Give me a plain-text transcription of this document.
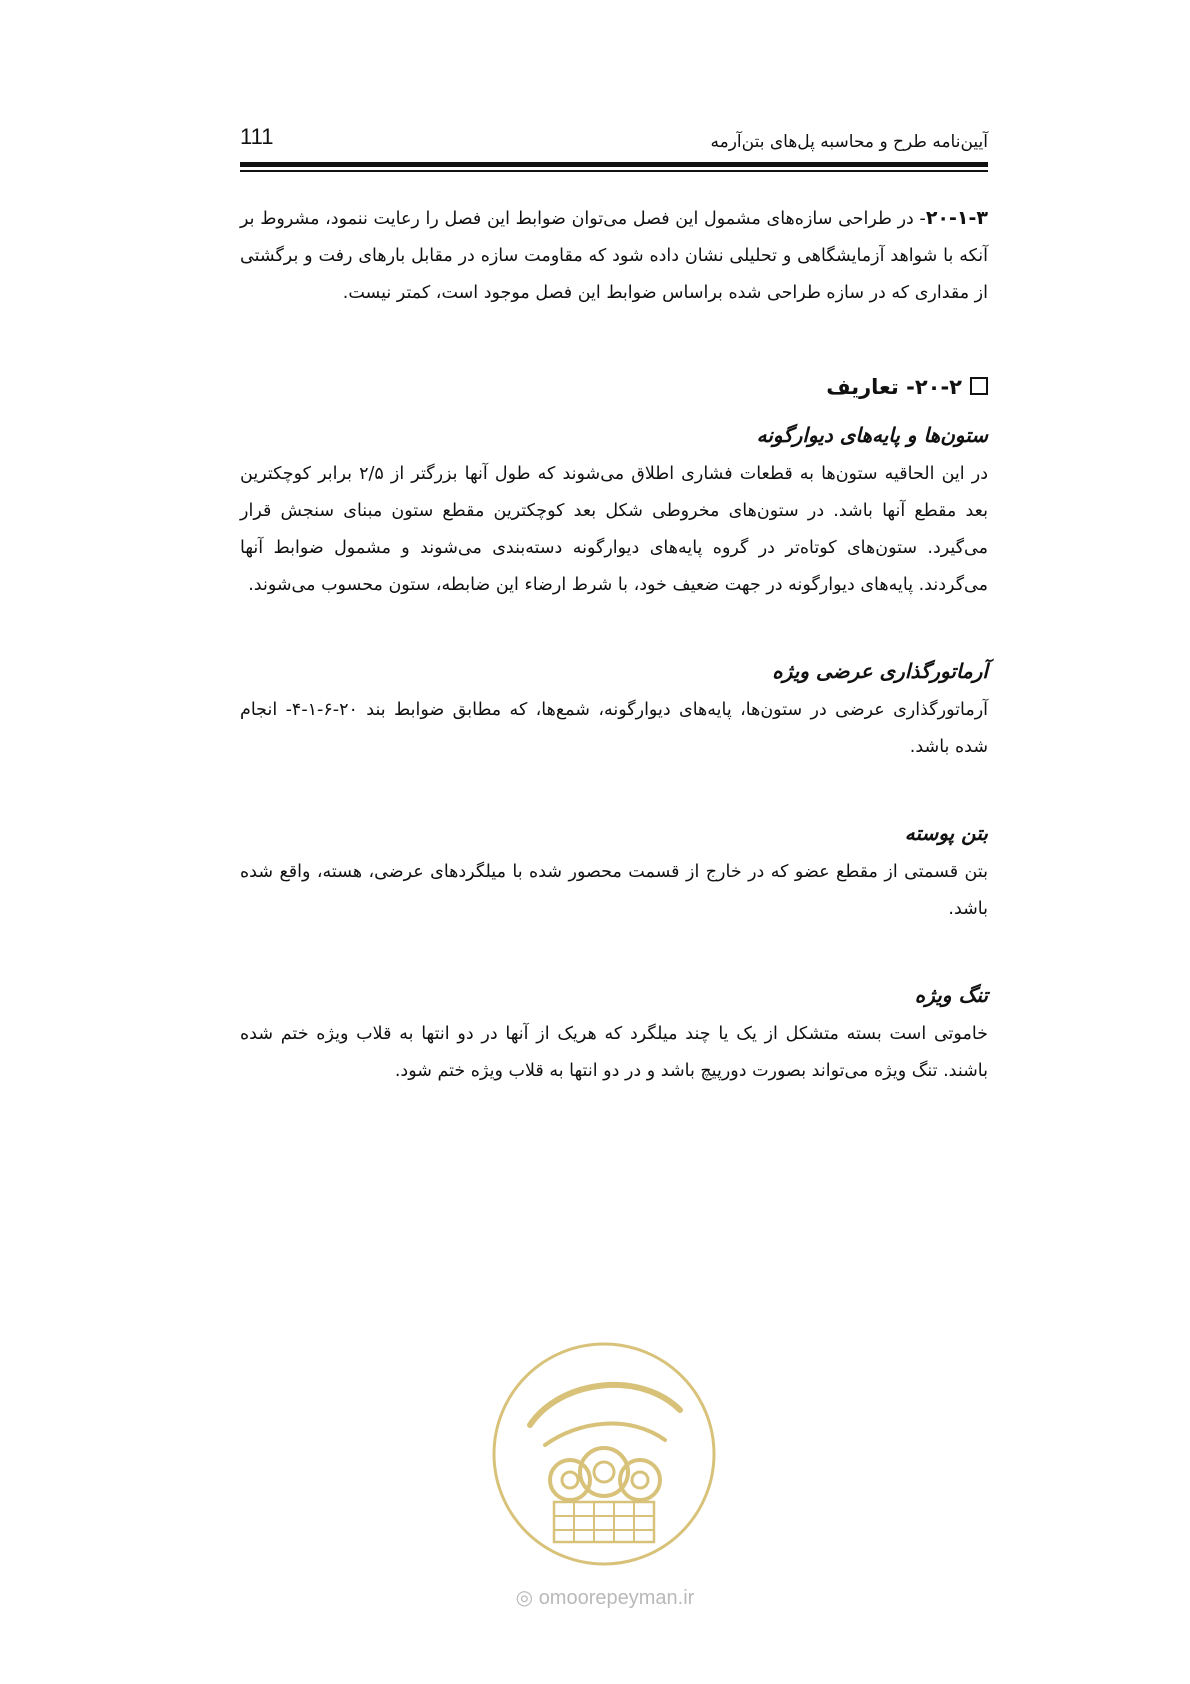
111	آیین‌نامه طرح و محاسبه پل‌های بتن‌آرمه

۲۰-۱-۳- در طراحی سازه‌های مشمول این فصل می‌توان ضوابط این فصل را رعایت ننمود، مشروط بر آنکه با شواهد آزمایشگاهی و تحلیلی نشان داده شود که مقاومت سازه در مقابل بارهای رفت و برگشتی از مقداری که در سازه طراحی شده براساس ضوابط این فصل موجود است، کمتر نیست.

۲۰-۲- تعاریف
ستون‌ها و پایه‌های دیوارگونه

در این الحاقیه ستون‌ها به قطعات فشاری اطلاق می‌شوند که طول آنها بزرگتر از ۲/۵ برابر کوچکترین بعد مقطع آنها باشد. در ستون‌های مخروطی شکل بعد کوچکترین مقطع ستون مبنای سنجش قرار می‌گیرد. ستون‌های کوتاه‌تر در گروه پایه‌های دیوارگونه دسته‌بندی می‌شوند و مشمول ضوابط آنها می‌گردند. پایه‌های دیوارگونه در جهت ضعیف خود، با شرط ارضاء این ضابطه، ستون محسوب می‌شوند.

آرماتورگذاری عرضی ویژه

آرماتورگذاری عرضی در ستون‌ها، پایه‌های دیوارگونه، شمع‌ها، که مطابق ضوابط بند ۲۰-۶-۱-۴- انجام شده باشد.

بتن پوسته

بتن قسمتی از مقطع عضو که در خارج از قسمت محصور شده با میلگردهای عرضی، هسته، واقع شده باشد.

تنگ ویژه

خاموتی است بسته متشکل از یک یا چند میلگرد که هریک از آنها در دو انتها به قلاب ویژه ختم شده باشند. تنگ ویژه می‌تواند بصورت دورپیچ باشد و در دو انتها به قلاب ویژه ختم شود.

◎ omoorepeyman.ir
